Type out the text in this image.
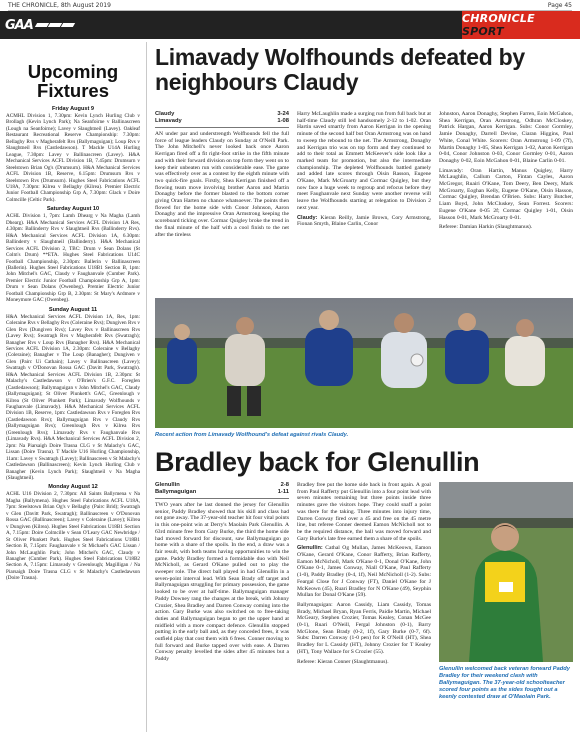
THE CHRONICLE, 8th August 2019	Page 45
GAA	CHRONICLE SPORT
Upcoming
Fixtures
Friday August 9
ACMHL Division 1, 7.30pm: Kevin Lynch Hurling Club v Brollagh (Kevin Lynch Park); Na Seanfoirne v Ballinascreen (Lough na Seanfoirne); Lavey v Slaughtneil (Lavey). Oakleaf Restaurant Recreational Reserve Championship: 7.30pm: Bellaghy Rvs v Magherafelt Rvs (Ballymaguigan); Loup Rvs v Slaughtneil Rvs (Castledawson). T Mackle U14A Hurling League, 7.30pm: Lavey v Ballinascreen (Lavey). H&A Mechanical Services ACFL Division 1B, 7.45pm: Drumsurn v Steelstown Brian Og's (Drumsurn). H&A Mechanical Services ACFL Division 1B, Reserve, 6.15pm: Drumsurn Rvs v Steelstown Rvs (Drumsurn). Hughes Steel Fabrications ACFL U18A, 7.30pm: Kilrea v Bellaghy (Kilrea). Premier Electric Junior Football Championship Grp A, 7.30pm: Glack v Doire Colmcille (Celtic Park).
Saturday August 10
ACHL Division 1, 7pm: Lamh Dhearg v Na Magha (Lamh Dhearg). H&A Mechanical Services ACFL Division 1A Res, 4.30pm: Ballinderry Rvs v Slaughtneil Rvs (Ballinderry Rvs). H&A Mechanical Services ACFL Division 1A, 6.30pm: Ballinderry v Slaughtneil (Ballinderry). H&A Mechanical Services ACFL Division 2, TBC: Drum v Sean Dolans (St Colm's Drum) **ETA. Hughes Steel Fabrications U14C Football Championship, 2.30pm: Ballerin v Ballinascreen (Ballerin). Hughes Steel Fabrications U18B1 Section B, 1pm: John Mitchel's GAC, Claudy v Faughanvale (Cumber Park). Premier Electric Junior Football Championship Grp A, 1pm: Drum v Sean Dolans (Owenbeg). Premier Electric Junior Football Championship Grp B, 2.30pm: St Mary's Ardmore v Moneymore GAC (Owenbeg).
Sunday August 11
H&A Mechanical Services ACFL Division 1A, Res, 1pm: Coleraine Rvs v Bellaghy Rvs (Coleraine Rvs); Dungiven Rvs v Glen Rvs (Dungiven Rvs); Lavey Rvs v Ballinascreen Rvs (Lavey Rvs); Swatragh Rvs v Magherafelt Rvs (Swatragh); Banagher Rvs v Loup Rvs (Banagher Rvs). H&A Mechanical Services ACFL Division 1A, 2.30pm: Coleraine v Bellaghy (Coleraine); Banagher v The Loup (Banagher); Dungiven v Glen (Pairc Ui Cathain); Lavey v Ballinascreen (Lavey); Swatragh v O'Donovan Rossa GAC (Davitt Park, Swatragh). H&A Mechanical Services ACFL Division 1B, 2.30pm: St Malachy's Castledawson v O'Brien's G.F.C. Foreglen (Castledawson); Ballymaguigan v John Mitchel's GAC, Claudy (Ballymaguigan); St Oliver Plunkett's GAC, Greenlough v Kilrea (St Oliver Plunkett Park); Limavady Wolfhounds v Faughanvale (Limavady). H&A Mechanical Services ACFL Division 1B, Reserve, 1pm: Castledawson Rvs v Foreglen Rvs (Castledawson Rvs); Ballymaguigan Rvs v Claudy Rvs (Ballymaguigan Rvs); Greenlough Rvs v Kilrea Rvs (Greenlough Rvs); Limavady Rvs v Faughanvale Rvs (Limavady Rvs). H&A Mechanical Services ACFL Division 2, 2pm: Na Piarsaigh Doire Trasna CLG v St Malachy's GAC, Lissan (Doire Trasna). T Mackle U16 Hurling Championship, 11am: Lavey v Swatragh (Lavey); Ballinascreen v St Malachy's Castledawson (Ballinascreen); Kevin Lynch Hurling Club v Banagher (Kevin Lynch Park); Slaughtneil v Na Magha (Slaughtneil).
Monday August 12
ACHL U16 Division 2, 7.30pm: All Saints Ballymena v Na Magha (Ballymena). Hughes Steel Fabrications ACFL U18A, 7pm: Steelstown Brian Og's v Bellaghy (Pairc Brid); Swatragh v Glen (Davitt Park, Swatragh); Ballinascreen v O'Donovan Rossa GAC (Ballinascreen); Lavey v Coleraine (Lavey); Kilrea v Dungiven (Kilrea). Hughes Steel Fabrications U18B1 Section A, 7.15pm: Doire Colmcille v Sean O'Leary GAC Newbridge / St Oliver Plunkett Park. Hughes Steel Fabrications U18B1 Section B, 7.15pm: Faughanvale v St Michael's GAC Lissan / John McLaughlin Park; John Mitchel's GAC, Claudy v Banagher (Cumber Park). Hughes Steel Fabrications U18B2 Section A, 7.15pm: Limavady v Greenlough; Magilligan / Na Piarsaigh Doire Trasna CLG v St Malachy's Castledawson (Doire Trasna).
Limavady Wolfhounds defeated by neighbours Claudy
Claudy	3-24
Limavady	1-08

AN under par and understrength Wolfhounds fell the full force of league leaders Claudy on Sunday at O'Neill Park. The John Mitchell's never looked back once Aaron Kerrigan fired off a fit right-foot strike in the fifth minute and with their forward division on top form they went on to keep their unbeaten run with considerable ease. The game was effectively over as a contest by the eighth minute with two quick-fire goals. Firstly, Shea Kerrigan finished off a flowing team move involving brother Aaron and Martin Donaghy before the former blasted to the bottom corner giving Oran Harten no chance whatsoever. The points then flowed for the home side with Conor Johnson, Aaron Donaghy and the impressive Oran Armstrong keeping the scoreboard ticking over. Cormac Quigley broke the trend in the final minute of the half with a cool finish to the net after the tireless

Harry McLaughlin made a surging run from full back but at half-time Claudy still led handsomely 2-12 to 1-02. Oran Hartin saved smartly from Aaron Kerrigan in the opening minute of the second half but Oran Armstrong was on hand to sweep the rebound to the net. The Armstrong, Donaghy and Kerrigan trio was on top form and they continued to add to their total as Emmett McKeever's side look like a marked team for promotion, but also the intermediate championship. The depleted Wolfhounds battled gamely and added late scores through Oisin Rasson, Eugene O'Kane, Mark McGroarty and Cormac Quigley, but they now face a huge week to regroup and refocus before they meet Faughanvale next Sunday were another reverse will leave the Wolfhounds starting at relegation to Division 2 next year.

Claudy: Kieran Reilly, Jamie Brown, Cory Armstrong, Fionan Smyth, Blaine Carlin, Conor

Johnston, Aaron Donaghy, Stephen Farren, Eoin McGahon, Shea Kerrigan, Oran Armstrong, Odhran McCloskey, Patrick Hargan, Aaron Kerrigan. Subs: Conor Gormley, Jamie Donaghy, Darrell Devine, Ciaran Higgins, Paul White, Conal White. Scorers: Oran Armstrong 1-09 (7f), Martin Donaghy 1-05, Shea Kerrigan 1-02, Aaron Kerrigan 0-04, Conor Johnston 0-03, Conor Gormley 0-01, Aaron Donaghy 0-02, Eoin McGahon 0-01, Blaine Carlin 0-01.

Limavady: Oran Hartin, Manus Quigley, Harry McLaughlin, Callum Carton, Fintan Cayles, Aaron McGregor, Ruairi O'Kane, Tom Deery, Ben Deery, Mark McGroarty, Eoghan Kelly, Eugene O'Kane, Oisin Hasson, Cormac Quigley, Brendan O'Brien. Subs: Harry Butcher, Liam Boyd, John McCluskey, Sean Forrest. Scorers: Eugene O'Kane 0-05 2f; Cormac Quigley 1-01, Oisin Hasson 0-01, Mark McGroarty 0-01.

Referee: Damian Harkin (Slaughtmanus).

Recent action from Limavady Wolfhound's defeat against rivals Claudy.
Bradley back for Glenullin
Glenullin	2-8
Ballymaguigan	1-11

TWO years after he last donned the jersey for Glenullin senior, Paddy Bradley showed that his skill and class had not gone away. The 37-year-old teacher hit four vital points in this one-point win at Derry's Maolain Park Glenullin. A 63rd minute free from Gary Burke, the third the home side had moved forward for discount, saw Ballymaguigan go home with a share of the spoils. In the end, a draw was a fair result, with both teams having opportunities to win the game. Paddy Bradley formed a formidable duo with Neil McNicholl, as Gerard O'Kane pulled out to play the sweeper role. The direct ball played in had Glenullin in a seven-point interval lead. With Sean Brady off target and Ballymaguigan struggling for primary possession, the game looked to be over at half-time. Ballymaguigan manager Paddy Downey rang the changes at the break, with Johnny Crozier, Shea Bradley and Darren Conway coming into the action. Gary Burke was also switched on to free-taking duties and Ballymaguigan began to get the upper hand at midfield with a more compact defence. Glenullin stopped putting in the early ball and, as they conceded frees, it was outfield play that cost them with 6 frees. Conner moving to full forward and Burke tapped over with ease. A Darren Conway penalty levelled the sides after 45 minutes but a Paddy

Bradley free put the home side back in front again. A goal from Paul Rafferty put Glenullin into a four point lead with seven minutes remaining but three points inside three minutes gave the visitors hope. They could snaff a point was there for the taking. Three minutes into injury time, Darren Conway fired over a 45 and free on the 45 metre line, but referee Conner deemed Eamon McNicholl not to be the required distance, the ball was moved forward and Gary Burke's late free earned them a share of the spoils.

Glenullin: Cathal Og Mullan, James McKeown, Eamon O'Kane, Gerard O'Kane, Conor Rafferty, Brian Rafferty, Eamon McNicholl, Mark O'Kane 0-1, Donal O'Kane, John O'Kane 0-1, James Conway, Niall O'Kane, Paul Rafferty (1-0), Paddy Bradley (0-4, 1f), Neil McNicholl (1-2). Subs: Feargal Close for J Conway (FT), Daniel O'Kane for J McKeown (45), Ruari Bradley for N O'Kane (49), Seyphin Mullan for Donal O'Kane (59).

Ballymaguigan: Aaron Cassidy, Liam Cassidy, Tomas Brady, Michael Bryan, Ryan Ferris, Paidie Martin, Michael McGeary, Stephen Crozier, Tomas Kealey, Conan McGee (0-1), Ruari O'Neill, Fergal Johnston (0-1), Barry McGlone, Sean Brady (0-2, 1f), Gary Burke (0-7, 6f). Subs: Darren Conway (1-0 pen) for R O'Neill (HT), Shea Bradley for L Cassidy (HT), Johnny Crozier for T Kealey (HT), Tony Wallace for S Crozier (55).

Referee: Kieran Conner (Slaughtmanus).

Glenullin welcomed back veteran forward Paddy Bradley for their weekend clash with Ballymaguigan. The 37-year-old schoolteacher scored four points as the sides fought out a keenly contested draw at O'Maolain Park.
